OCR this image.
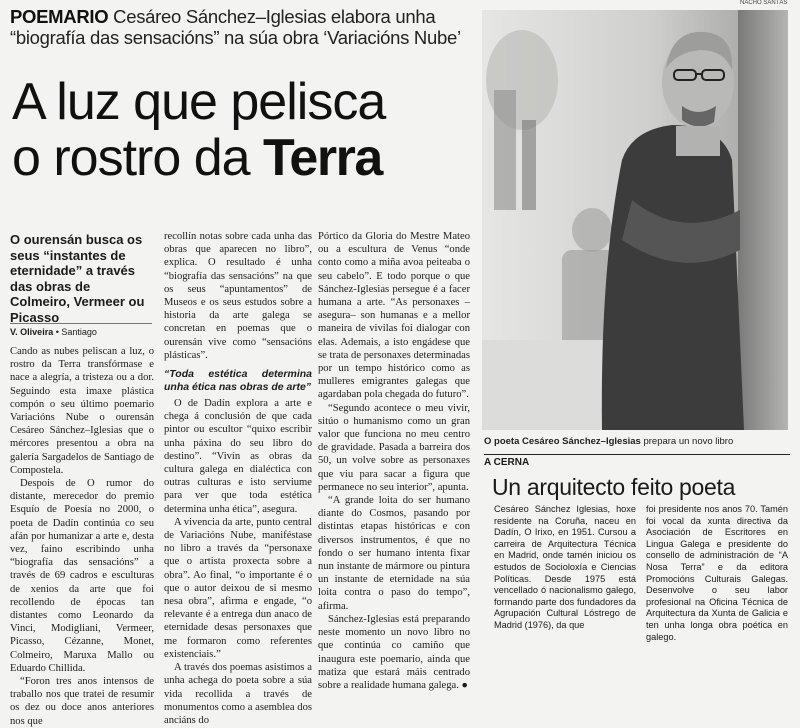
POEMARIO Cesáreo Sánchez–Iglesias elabora unha “biografía das sensacións” na súa obra ‘Variacións Nube’
A luz que pelisca
o rostro da Terra
O ourensán busca os seus “instantes de eternidade” a través das obras de Colmeiro, Vermeer ou Picasso
V. Oliveira • Santiago

Cando as nubes peliscan a luz, o rostro da Terra transfórmase e nace a alegría, a tristeza ou a dor. Seguindo esta imaxe plástica compón o seu último poemario Variacións Nube o ourensán Cesáreo Sánchez–Iglesias que o mércores presentou a obra na galería Sargadelos de Santiago de Compostela.

Despois de O rumor do distante, merecedor do premio Esquío de Poesía no 2000, o poeta de Dadín continúa co seu afán por humanizar a arte e, desta vez, faino escribindo unha “biografía das sensacións” a través de 69 cadros e esculturas de xenios da arte que foi recollendo de épocas tan distantes como Leonardo da Vinci, Modigliani, Vermeer, Picasso, Cézanne, Monet, Colmeiro, Maruxa Mallo ou Eduardo Chillida.

“Foron tres anos intensos de traballo nos que tratei de resumir os dez ou doce anos anteriores nos que

recollín notas sobre cada unha das obras que aparecen no libro”, explica. O resultado é unha “biografía das sensacións” na que os seus “apuntamentos” de Museos e os seus estudos sobre a historia da arte galega se concretan en poemas que o ourensán vive como “sensacións plásticas”.

“Toda estética determina unha ética nas obras de arte”

O de Dadín explora a arte e chega á conclusión de que cada pintor ou escultor “quixo escribir unha páxina do seu libro do destino”. “Vivín as obras da cultura galega en dialéctica con outras culturas e isto serviume para ver que toda estética determina unha ética”, asegura.

A vivencia da arte, punto central de Variacións Nube, maniféstase no libro a través da “personaxe que o artista proxecta sobre a obra”. Ao final, “o importante é o que o autor deixou de si mesmo nesa obra”, afirma e engade, “o relevante é a entrega dun anaco de eternidade desas personaxes que me formaron como referentes existenciais.”

A través dos poemas asistimos a unha achega do poeta sobre a súa vida recollida a través de monumentos como a asemblea dos anciáns do

Pórtico da Gloria do Mestre Mateo ou a escultura de Venus “onde conto como a miña avoa peiteaba o seu cabelo”. E todo porque o que Sánchez-Iglesias persegue é a facer humana a arte. “As personaxes –asegura– son humanas e a mellor maneira de vivilas foi dialogar con elas. Ademais, a isto engádese que se trata de personaxes determinadas por un tempo histórico como as mulleres emigrantes galegas que agardaban pola chegada do futuro”.

“Segundo acontece o meu vivir, sitúo o humanismo como un gran valor que funciona no meu centro de gravidade. Pasada a barreira dos 50, un volve sobre as personaxes que viu para sacar a figura que permanece no seu interior”, apunta.

“A grande loita do ser humano diante do Cosmos, pasando por distintas etapas históricas e con diversos instrumentos, é que no fondo o ser humano intenta fixar nun instante de mármore ou pintura un instante de eternidade na súa loita contra o paso do tempo”, afirma.

Sánchez-Iglesias está preparando neste momento un novo libro no que continúa co camiño que inaugura este poemario, ainda que matiza que estará máis centrado sobre a realidade humana galega. ●

NACHO SANTÁS
O poeta Cesáreo Sánchez–Iglesias prepara un novo libro
A CERNA
Un arquitecto feito poeta
Cesáreo Sánchez Iglesias, hoxe residente na Coruña, naceu en Dadín, O Irixo, en 1951. Cursou a carreira de Arquitectura Técnica en Madrid, onde tamén iniciou os estudos de Socioloxía e Ciencias Políticas. Desde 1975 está vencellado ó nacionalismo galego, formando parte dos fundadores da Agrupación Cultural Lóstrego de Madrid (1976), da que
foi presidente nos anos 70. Tamén foi vocal da xunta directiva da Asociación de Escritores en Lingua Galega e presidente do consello de administración de “A Nosa Terra” e da editora Promocións Culturais Galegas. Desenvolve o seu labor profesional na Oficina Técnica de Arquitectura da Xunta de Galicia e ten unha longa obra poética en galego.
